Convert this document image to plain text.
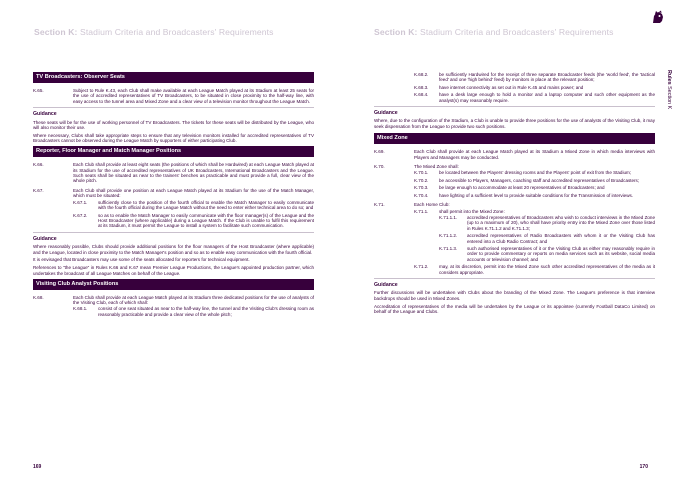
Section K: Stadium Criteria and Broadcasters' Requirements
TV Broadcasters: Observer Seats
K.65.	Subject to Rule K.43, each Club shall make available at each League Match played at its Stadium at least 25 seats for the use of accredited representatives of TV Broadcasters, to be situated in close proximity to the half-way line, with easy access to the tunnel area and Mixed Zone and a clear view of a television monitor throughout the League Match.
Guidance
These seats will be for the use of working personnel of TV Broadcasters. The tickets for these seats will be distributed by the League, who will also monitor their use.
Where necessary, Clubs shall take appropriate steps to ensure that any television monitors installed for accredited representatives of TV Broadcasters cannot be observed during the League Match by supporters of either participating Club.
Reporter, Floor Manager and Match Manager Positions
K.66.	Each Club shall provide at least eight seats (the positions of which shall be Hardwired) at each League Match played at its Stadium for the use of accredited representatives of UK Broadcasters, International Broadcasters and the League. Such seats shall be situated as near to the trainers' benches as practicable and must provide a full, clear view of the whole pitch.
K.67.	Each Club shall provide one position at each League Match played at its Stadium for the use of the Match Manager, which must be situated:
K.67.1.	sufficiently close to the position of the fourth official to enable the Match Manager to easily communicate with the fourth official during the League Match without the need to enter either technical area to do so; and
K.67.2.	so as to enable the Match Manager to easily communicate with the floor manager(s) of the League and the Host Broadcaster (where applicable) during a League Match. If the Club is unable to fulfil this requirement at its Stadium, it must permit the League to install a system to facilitate such communication.
Guidance
Where reasonably possible, Clubs should provide additional positions for the floor managers of the Host Broadcaster (where applicable) and the League, located in close proximity to the Match Manager's position and so as to enable easy communication with the fourth official.
It is envisaged that Broadcasters may use some of the seats allocated for reporters for technical equipment.
References to "the League" in Rules K.66 and K.67 mean Premier League Productions, the League's appointed production partner, which undertakes the broadcast of all League Matches on behalf of the League.
Visiting Club Analyst Positions
K.68.	Each Club shall provide at each League Match played at its Stadium three dedicated positions for the use of analysts of the Visiting Club, each of which shall:
K.68.1.	consist of one seat situated as near to the half-way line, the tunnel and the Visiting Club's dressing room as reasonably practicable and provide a clear view of the whole pitch;
169
Section K: Stadium Criteria and Broadcasters' Requirements
Rules Section K
K.68.2.	be sufficiently Hardwired for the receipt of three separate Broadcaster feeds (the 'world feed', the 'tactical feed' and one 'high behind' feed) by monitors in place at the relevant position;
K.68.3.	have internet connectivity as set out in Rule K.45 and mains power; and
K.68.4.	have a desk large enough to hold a monitor and a laptop computer and such other equipment as the analyst(s) may reasonably require.
Guidance
Where, due to the configuration of the Stadium, a Club is unable to provide three positions for the use of analysts of the Visiting Club, it may seek dispensation from the League to provide two such positions.
Mixed Zone
K.69.	Each Club shall provide at each League Match played at its Stadium a Mixed Zone in which media interviews with Players and Managers may be conducted.
K.70.	The Mixed Zone shall:
K.70.1.	be located between the Players' dressing rooms and the Players' point of exit from the Stadium;
K.70.2.	be accessible to Players, Managers, coaching staff and accredited representatives of Broadcasters;
K.70.3.	be large enough to accommodate at least 20 representatives of Broadcasters; and
K.70.4.	have lighting of a sufficient level to provide suitable conditions for the Transmission of interviews.
K.71.	Each Home Club:
K.71.1.	shall permit into the Mixed Zone:
K.71.1.1.	accredited representatives of Broadcasters who wish to conduct interviews in the Mixed Zone (up to a maximum of 20), who shall have priority entry into the Mixed Zone over those listed in Rules K.71.1.2 and K.71.1.3;
K.71.1.2.	accredited representatives of Radio Broadcasters with whom it or the Visiting Club has entered into a Club Radio Contract; and
K.71.1.3.	such authorised representatives of it or the Visiting Club as either may reasonably require in order to provide commentary or reports on media services such as its website, social media accounts or television channel; and
K.71.2.	may, at its discretion, permit into the Mixed Zone such other accredited representatives of the media as it considers appropriate.
Guidance
Further discussions will be undertaken with Clubs about the branding of the Mixed Zone. The League's preference is that interview backdrops should be used in Mixed Zones.
Accreditation of representatives of the media will be undertaken by the League or its appointee (currently Football DataCo Limited) on behalf of the League and Clubs.
170
